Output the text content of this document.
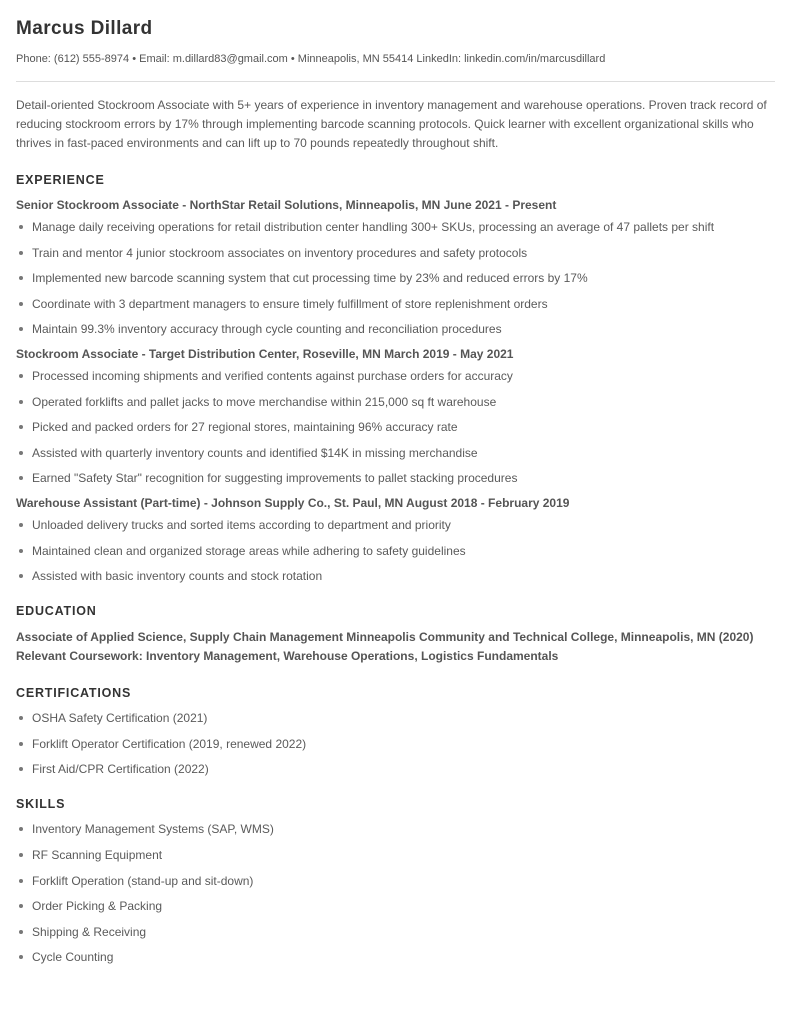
Marcus Dillard
Phone: (612) 555-8974 • Email: m.dillard83@gmail.com • Minneapolis, MN 55414 LinkedIn: linkedin.com/in/marcusdillard

Detail-oriented Stockroom Associate with 5+ years of experience in inventory management and warehouse operations. Proven track record of reducing stockroom errors by 17% through implementing barcode scanning protocols. Quick learner with excellent organizational skills who thrives in fast-paced environments and can lift up to 70 pounds repeatedly throughout shift.

EXPERIENCE
Senior Stockroom Associate - NorthStar Retail Solutions, Minneapolis, MN June 2021 - Present
Manage daily receiving operations for retail distribution center handling 300+ SKUs, processing an average of 47 pallets per shift
Train and mentor 4 junior stockroom associates on inventory procedures and safety protocols
Implemented new barcode scanning system that cut processing time by 23% and reduced errors by 17%
Coordinate with 3 department managers to ensure timely fulfillment of store replenishment orders
Maintain 99.3% inventory accuracy through cycle counting and reconciliation procedures
Stockroom Associate - Target Distribution Center, Roseville, MN March 2019 - May 2021
Processed incoming shipments and verified contents against purchase orders for accuracy
Operated forklifts and pallet jacks to move merchandise within 215,000 sq ft warehouse
Picked and packed orders for 27 regional stores, maintaining 96% accuracy rate
Assisted with quarterly inventory counts and identified $14K in missing merchandise
Earned "Safety Star" recognition for suggesting improvements to pallet stacking procedures
Warehouse Assistant (Part-time) - Johnson Supply Co., St. Paul, MN August 2018 - February 2019
Unloaded delivery trucks and sorted items according to department and priority
Maintained clean and organized storage areas while adhering to safety guidelines
Assisted with basic inventory counts and stock rotation
EDUCATION

Associate of Applied Science, Supply Chain Management Minneapolis Community and Technical College, Minneapolis, MN (2020) Relevant Coursework: Inventory Management, Warehouse Operations, Logistics Fundamentals

CERTIFICATIONS
OSHA Safety Certification (2021)
Forklift Operator Certification (2019, renewed 2022)
First Aid/CPR Certification (2022)
SKILLS
Inventory Management Systems (SAP, WMS)
RF Scanning Equipment
Forklift Operation (stand-up and sit-down)
Order Picking & Packing
Shipping & Receiving
Cycle Counting
